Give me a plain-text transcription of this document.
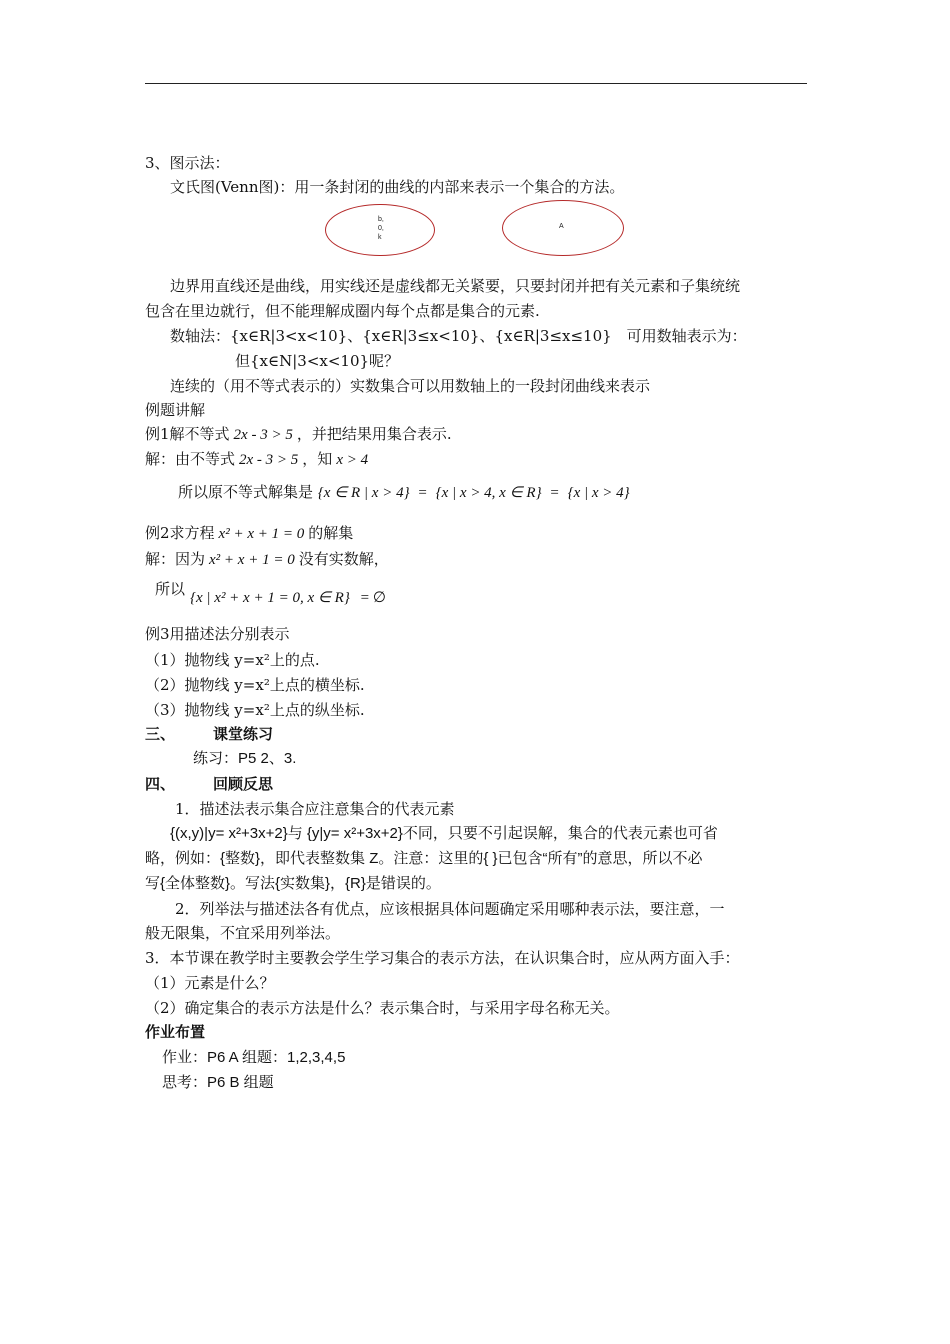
3、图示法：
文氏图(Venn图)：用一条封闭的曲线的内部来表示一个集合的方法。
b,
0,
k
A
边界用直线还是曲线，用实线还是虚线都无关紧要，只要封闭并把有关元素和子集统统
包含在里边就行，但不能理解成圈内每个点都是集合的元素.
数轴法：{x∈R|3<x<10}、{x∈R|3≤x<10}、{x∈R|3≤x≤10}　可用数轴表示为：
但{x∈N|3<x<10}呢？
连续的（用不等式表示的）实数集合可以用数轴上的一段封闭曲线来表示
例题讲解
例1解不等式 2x - 3 > 5 ，并把结果用集合表示.
解：由不等式 2x - 3 > 5 ，知 x > 4
所以原不等式解集是 {x ∈ R | x > 4} = {x | x > 4, x ∈ R} = {x | x > 4}
例2求方程 x² + x + 1 = 0 的解集
解：因为 x² + x + 1 = 0 没有实数解，
所以 {x | x² + x + 1 = 0, x ∈ R} = ∅
例3用描述法分别表示
（1）抛物线 y=x²上的点.
（2）抛物线 y=x²上点的横坐标.
（3）抛物线 y=x²上点的纵坐标.
三、	课堂练习
练习：P5 2、3.
四、	回顾反思
1．描述法表示集合应注意集合的代表元素
{(x,y)|y= x²+3x+2}与 {y|y= x²+3x+2}不同，只要不引起误解，集合的代表元素也可省
略，例如：{整数}，即代表整数集 Z。注意：这里的{ }已包含“所有”的意思，所以不必
写{全体整数}。写法{实数集}，{R}是错误的。
2．列举法与描述法各有优点，应该根据具体问题确定采用哪种表示法，要注意，一
般无限集，不宜采用列举法。
3．本节课在教学时主要教会学生学习集合的表示方法，在认识集合时，应从两方面入手：
（1）元素是什么？
（2）确定集合的表示方法是什么？表示集合时，与采用字母名称无关。
作业布置
作业：P6 A 组题：1,2,3,4,5
思考：P6 B 组题
